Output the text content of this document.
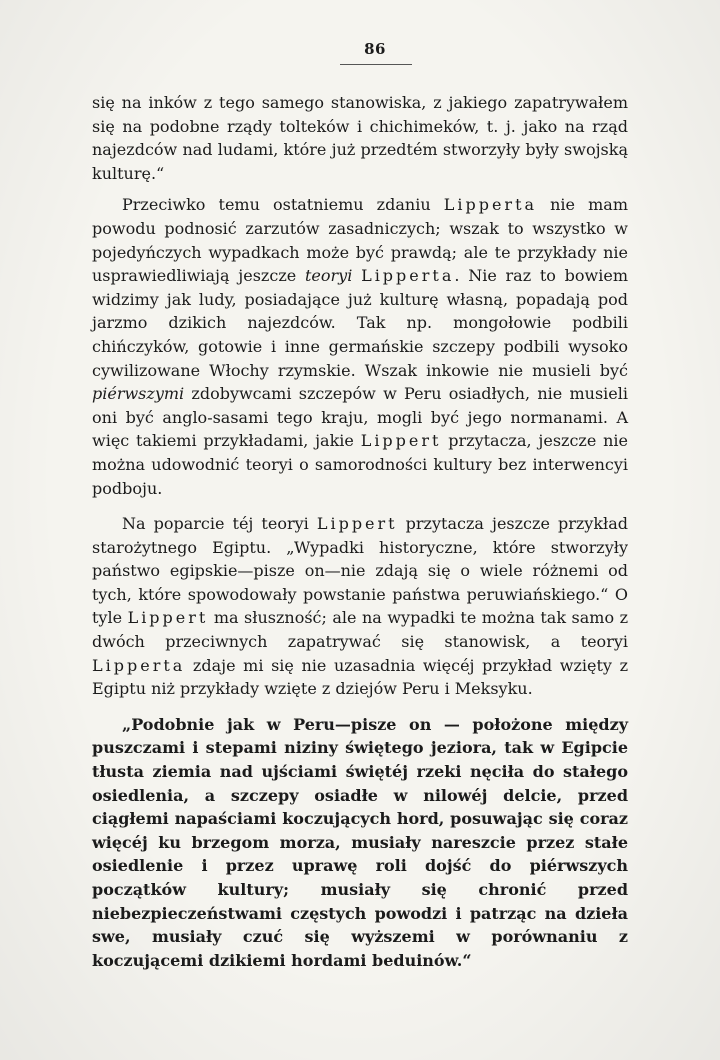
86

się na inków z tego samego stanowiska, z jakiego zapatrywałem się na podobne rządy tolteków i chichimeków, t. j. jako na rząd najezdców nad ludami, które już przedtém stworzyły były swojską kulturę.“

Przeciwko temu ostatniemu zdaniu Lipperta nie mam powodu podnosić zarzutów zasadniczych; wszak to wszystko w pojedyńczych wypadkach może być prawdą; ale te przykłady nie usprawiedliwiają jeszcze teoryi Lipperta. Nie raz to bowiem widzimy jak ludy, posiadające już kulturę własną, popadają pod jarzmo dzikich najezdców. Tak np. mongołowie podbili chińczyków, gotowie i inne germańskie szczepy podbili wysoko cywilizowane Włochy rzymskie. Wszak inkowie nie musieli być piérwszymi zdobywcami szczepów w Peru osiadłych, nie musieli oni być anglo-sasami tego kraju, mogli być jego normanami. A więc takiemi przykładami, jakie Lippert przytacza, jeszcze nie można udowodnić teoryi o samorodności kultury bez interwencyi podboju.

Na poparcie téj teoryi Lippert przytacza jeszcze przykład starożytnego Egiptu. „Wypadki historyczne, które stworzyły państwo egipskie—pisze on—nie zdają się o wiele różnemi od tych, które spowodowały powstanie państwa peruwiańskiego.“ O tyle Lippert ma słuszność; ale na wypadki te można tak samo z dwóch przeciwnych zapatrywać się stanowisk, a teoryi Lipperta zdaje mi się nie uzasadnia więcéj przykład wzięty z Egiptu niż przykłady wzięte z dziejów Peru i Meksyku.

„Podobnie jak w Peru—pisze on — położone między puszczami i stepami niziny świętego jeziora, tak w Egipcie tłusta ziemia nad ujściami świętéj rzeki nęciła do stałego osiedlenia, a szczepy osiadłe w nilowéj delcie, przed ciągłemi napaściami koczujących hord, posuwając się coraz więcéj ku brzegom morza, musiały nareszcie przez stałe osiedlenie i przez uprawę roli dojść do piérwszych początków kultury; musiały się chronić przed niebezpieczeństwami częstych powodzi i patrząc na dzieła swe, musiały czuć się wyższemi w porównaniu z koczującemi dzikiemi hordami beduinów.“
